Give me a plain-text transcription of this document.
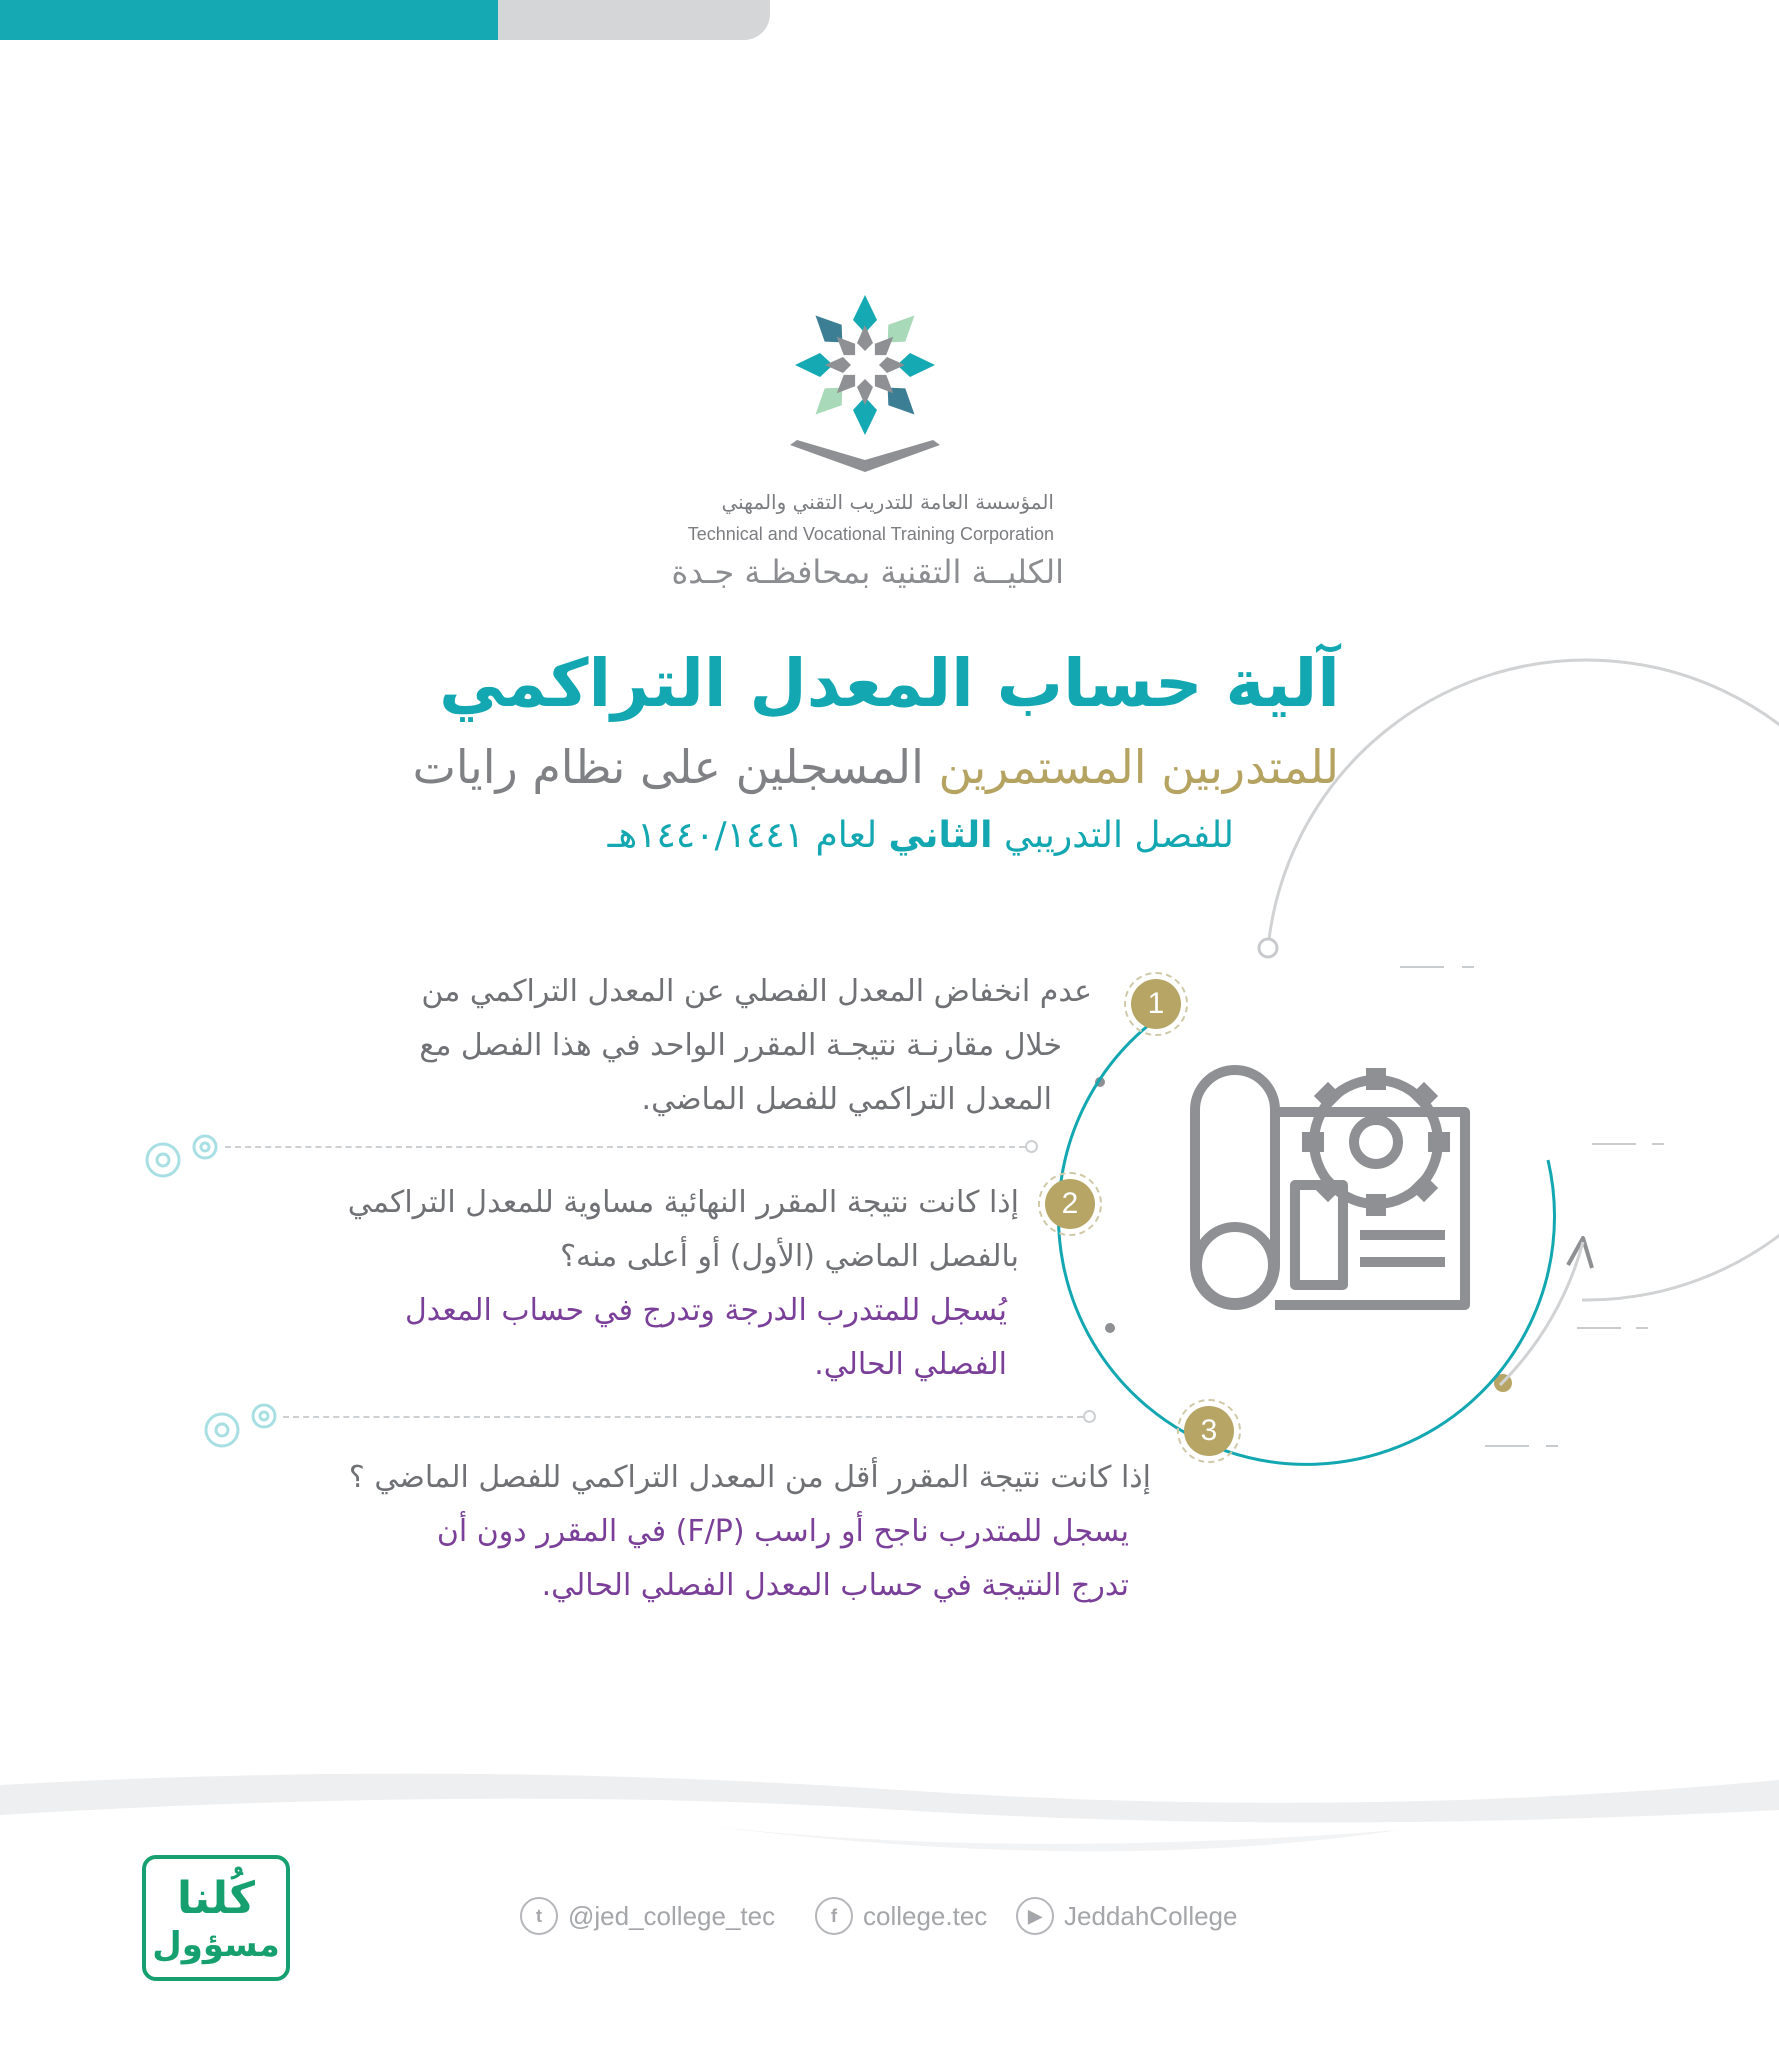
المؤسسة العامة للتدريب التقني والمهني
Technical and Vocational Training Corporation
الكليــة التقنية بمحافظـة جـدة
آلية حساب المعدل التراكمي
للمتدربين المستمرين المسجلين على نظام رايات
للفصل التدريبي الثاني لعام ١٤٤٠/١٤٤١هـ
1
2
3
عدم انخفاض المعدل الفصلي عن المعدل التراكمي من
خلال مقارنـة نتيجـة المقرر الواحد في هذا الفصل مع
المعدل التراكمي للفصل الماضي.
إذا كانت نتيجة المقرر النهائية مساوية للمعدل التراكمي
بالفصل الماضي (الأول) أو أعلى منه؟
يُسجل للمتدرب الدرجة وتدرج في حساب المعدل
الفصلي الحالي.
إذا كانت نتيجة المقرر أقل من المعدل التراكمي للفصل الماضي ؟
يسجل للمتدرب ناجح أو راسب (F/P) في المقرر دون أن
تدرج النتيجة في حساب المعدل الفصلي الحالي.
كُلنا
مسؤول
t	@jed_college_tec	f	college.tec	▶ JeddahCollege
